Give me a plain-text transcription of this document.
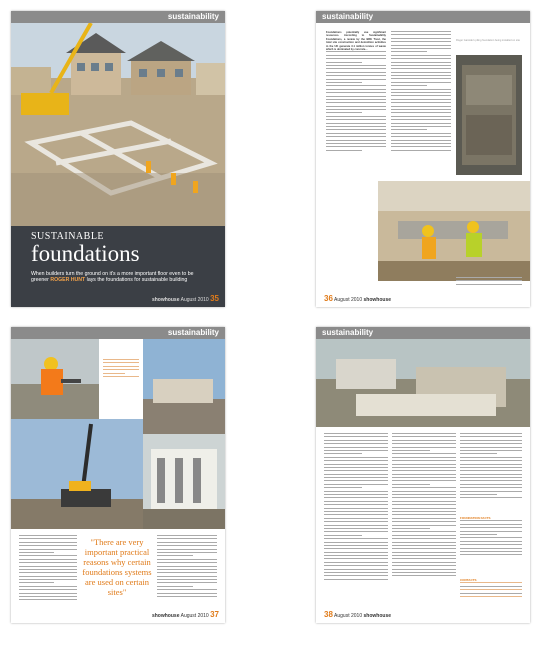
sustainability
SUSTAINABLE
foundations
When builders turn the ground on it's a more important floor even to be greener ROGER HUNT lays the foundations for sustainable building
showhouse August 2010 35
sustainability
Foundations potentially use significant resources. According to Sustainability Foundations, a review by the BRE Trust, the total site construction and demolition activities in the UK generate 3.1 million tonnes of waste which is dominated by concrete...
Roger Garside's piling foundation being installed on site
36 August 2010 showhouse
sustainability
"There are very important practical reasons why certain foundations systems are used on certain sites"
showhouse August 2010 37
sustainability
FOUNDATION FACTS
CONTACTS
38 August 2010 showhouse
